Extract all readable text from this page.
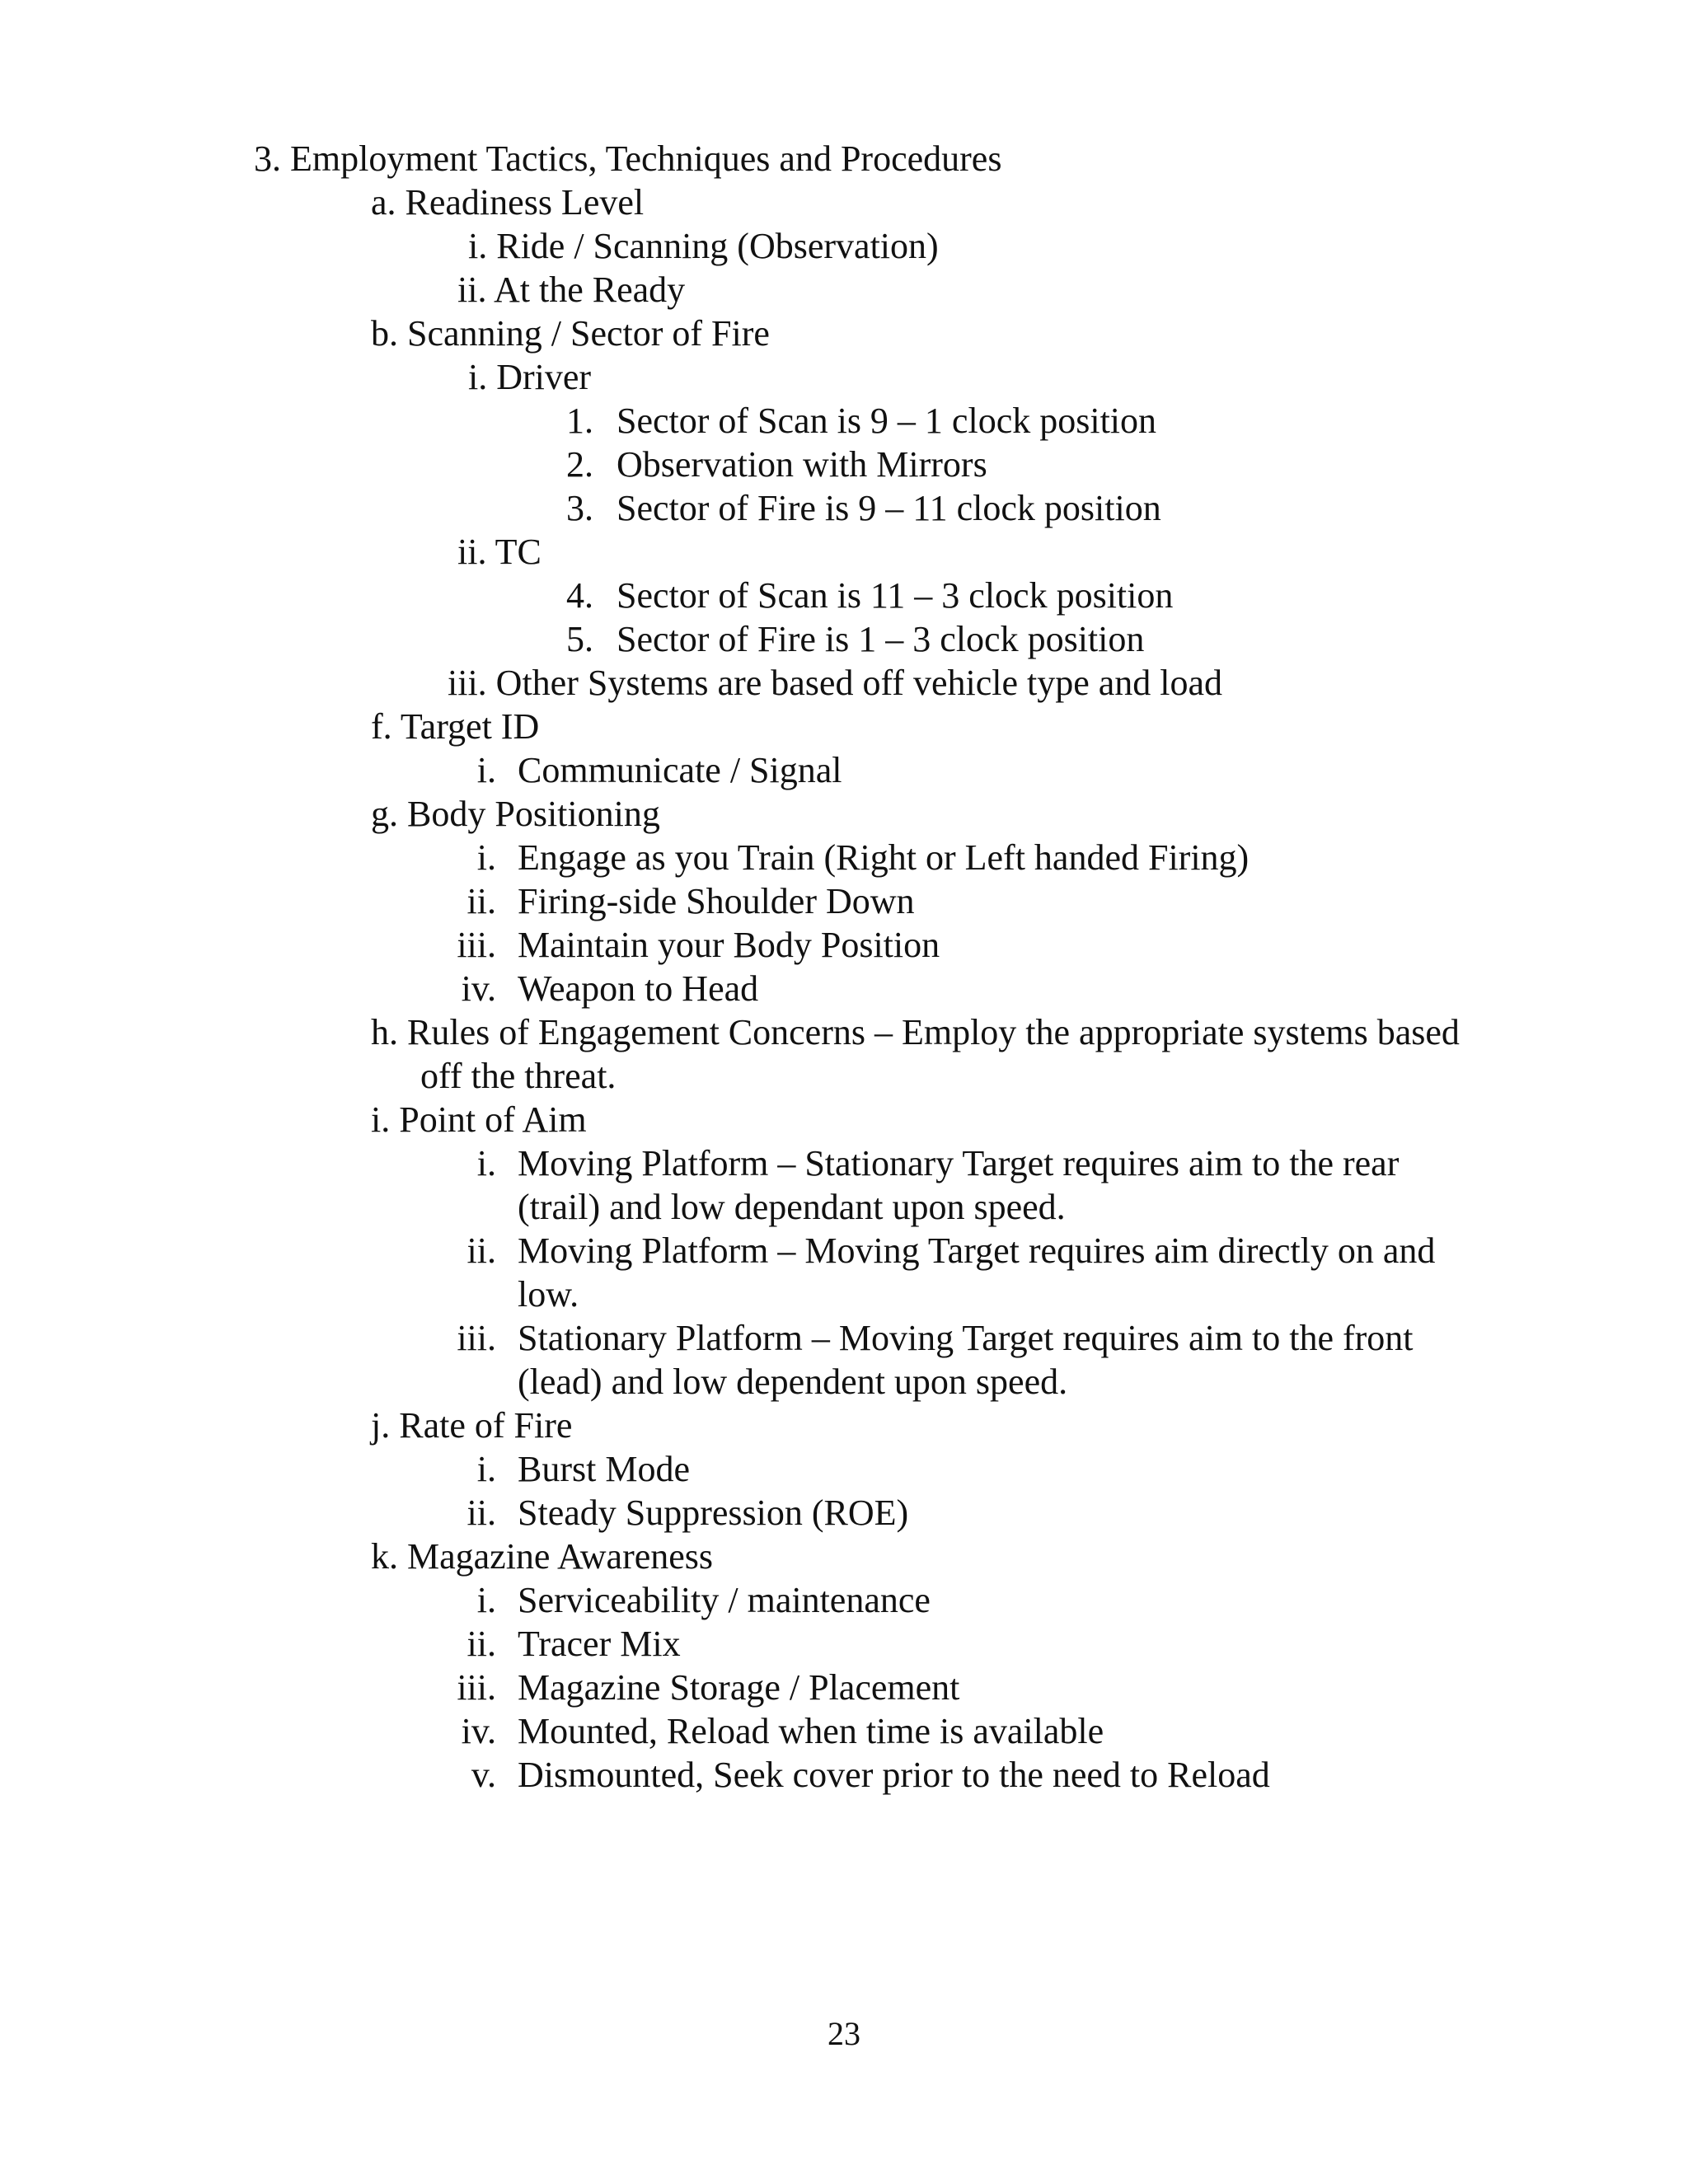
3. Employment Tactics, Techniques and Procedures
a. Readiness Level
i. Ride / Scanning (Observation)
ii. At the Ready
b. Scanning / Sector of Fire
i. Driver
1. Sector of Scan is 9 – 1 clock position
2. Observation with Mirrors
3. Sector of Fire is 9 – 11 clock position
ii. TC
4. Sector of Scan is 11 – 3 clock position
5. Sector of Fire is 1 – 3 clock position
iii. Other Systems are based off vehicle type and load
f. Target ID
i. Communicate / Signal
g. Body Positioning
i. Engage as you Train (Right or Left handed Firing)
ii. Firing-side Shoulder Down
iii. Maintain your Body Position
iv. Weapon to Head
h. Rules of Engagement Concerns – Employ the appropriate systems based
off the threat.
i. Point of Aim
i. Moving Platform – Stationary Target requires aim to the rear
(trail) and low dependant upon speed.
ii. Moving Platform – Moving Target requires aim directly on and
low.
iii. Stationary Platform – Moving Target requires aim to the front
(lead) and low dependent upon speed.
j. Rate of Fire
i. Burst Mode
ii. Steady Suppression (ROE)
k. Magazine Awareness
i. Serviceability / maintenance
ii. Tracer Mix
iii. Magazine Storage / Placement
iv. Mounted, Reload when time is available
v. Dismounted, Seek cover prior to the need to Reload
23
